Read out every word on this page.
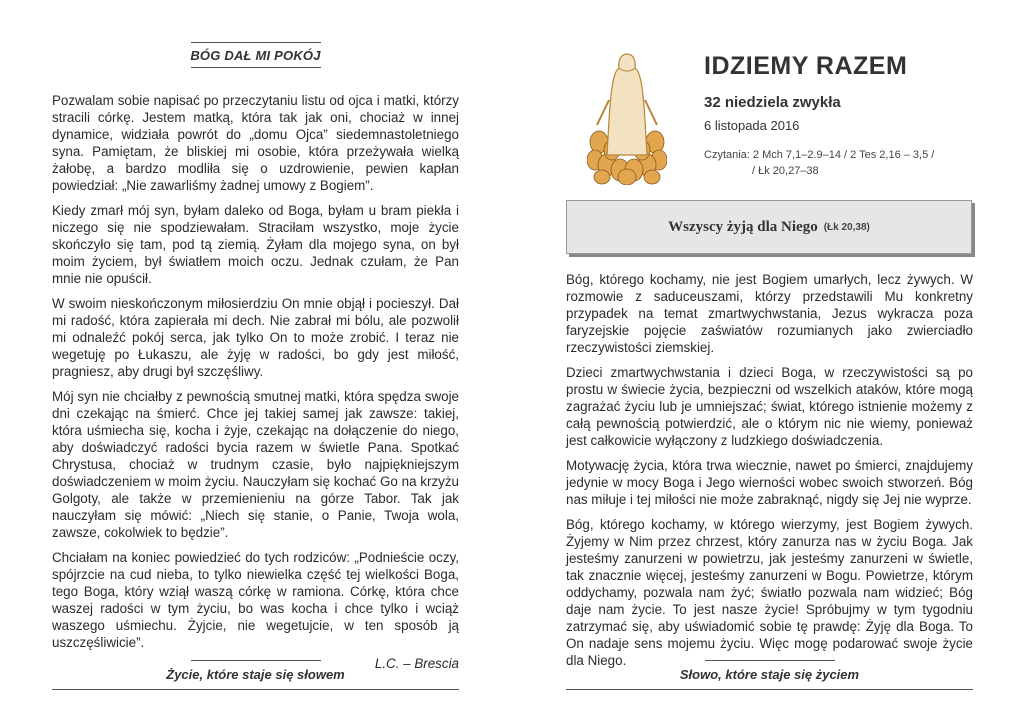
BÓG DAŁ MI POKÓJ

Pozwalam sobie napisać po przeczytaniu listu od ojca i matki, którzy stracili córkę. Jestem matką, która tak jak oni, chociaż w innej dynamice, widziała powrót do „domu Ojca” siedemnastoletniego syna. Pamiętam, że bliskiej mi osobie, która przeżywała wielką żałobę, a bardzo modliła się o uzdrowienie, pewien kapłan powiedział: „Nie zawarliśmy żadnej umowy z Bogiem”.

Kiedy zmarł mój syn, byłam daleko od Boga, byłam u bram piekła i niczego się nie spodziewałam. Straciłam wszystko, moje życie skończyło się tam, pod tą ziemią. Żyłam dla mojego syna, on był moim życiem, był światłem moich oczu. Jednak czułam, że Pan mnie nie opuścił.

W swoim nieskończonym miłosierdziu On mnie objął i pocieszył. Dał mi radość, która zapierała mi dech. Nie zabrał mi bólu, ale pozwolił mi odnaleźć pokój serca, jak tylko On to może zrobić. I teraz nie wegetuję po Łukaszu, ale żyję w radości, bo gdy jest miłość, pragniesz, aby drugi był szczęśliwy.

Mój syn nie chciałby z pewnością smutnej matki, która spędza swoje dni czekając na śmierć. Chce jej takiej samej jak zawsze: takiej, która uśmiecha się, kocha i żyje, czekając na dołączenie do niego, aby doświadczyć radości bycia razem w świetle Pana. Spotkać Chrystusa, chociaż w trudnym czasie, było najpiękniejszym doświadczeniem w moim życiu. Nauczyłam się kochać Go na krzyżu Golgoty, ale także w przemienieniu na górze Tabor. Tak jak nauczyłam się mówić: „Niech się stanie, o Panie, Twoja wola, zawsze, cokolwiek to będzie”.

Chciałam na koniec powiedzieć do tych rodziców: „Podnieście oczy, spójrzcie na cud nieba, to tylko niewielka część tej wielkości Boga, tego Boga, który wziął waszą córkę w ramiona. Córkę, która chce waszej radości w tym życiu, bo was kocha i chce tylko i wciąż waszego uśmiechu. Żyjcie, nie wegetujcie, w ten sposób ją uszczęśliwicie”.

L.C. – Brescia
Życie, które staje się słowem
IDZIEMY RAZEM
32 niedziela zwykła
6 listopada 2016
Czytania: 2 Mch 7,1–2.9–14 / 2 Tes 2,16 – 3,5 /
/ Łk 20,27–38
Wszyscy żyją dla Niego (Łk 20,38)

Bóg, którego kochamy, nie jest Bogiem umarłych, lecz żywych. W rozmowie z saduceuszami, którzy przedstawili Mu konkretny przypadek na temat zmartwychwstania, Jezus wykracza poza faryzejskie pojęcie zaświatów rozumianych jako zwierciadło rzeczywistości ziemskiej.

Dzieci zmartwychwstania i dzieci Boga, w rzeczywistości są po prostu w świecie życia, bezpieczni od wszelkich ataków, które mogą zagrażać życiu lub je umniejszać; świat, którego istnienie możemy z całą pewnością potwierdzić, ale o którym nic nie wiemy, ponieważ jest całkowicie wyłączony z ludzkiego doświadczenia.

Motywację życia, która trwa wiecznie, nawet po śmierci, znajdujemy jedynie w mocy Boga i Jego wierności wobec swoich stworzeń. Bóg nas miłuje i tej miłości nie może zabraknąć, nigdy się Jej nie wyprze.

Bóg, którego kochamy, w którego wierzymy, jest Bogiem żywych. Żyjemy w Nim przez chrzest, który zanurza nas w życiu Boga. Jak jesteśmy zanurzeni w powietrzu, jak jesteśmy zanurzeni w świetle, tak znacznie więcej, jesteśmy zanurzeni w Bogu. Powietrze, którym oddychamy, pozwala nam żyć; światło pozwala nam widzieć; Bóg daje nam życie. To jest nasze życie! Spróbujmy w tym tygodniu zatrzymać się, aby uświadomić sobie tę prawdę: Żyję dla Boga. To On nadaje sens mojemu życiu. Więc mogę podarować swoje życie dla Niego.

Słowo, które staje się życiem
